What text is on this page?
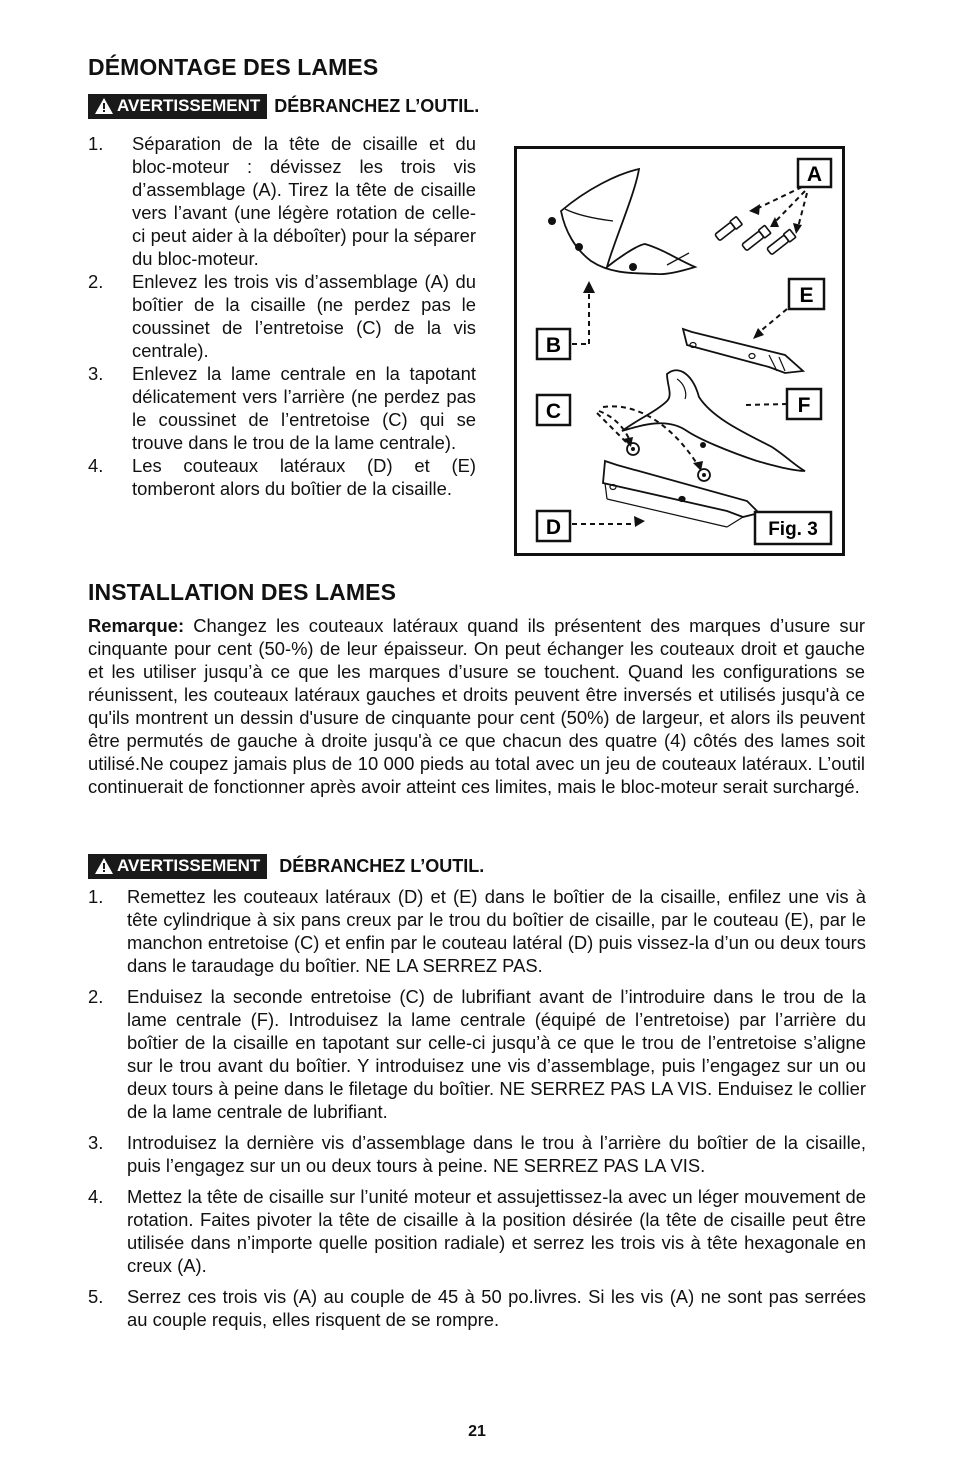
DÉMONTAGE DES LAMES
AVERTISSEMENT DÉBRANCHEZ L’OUTIL.
1. Séparation de la tête de cisaille et du bloc-moteur : dévissez les trois vis d’assemblage (A). Tirez la tête de cisaille vers l’avant (une légère rotation de celle-ci peut aider à la déboîter) pour la séparer du bloc-moteur.
2. Enlevez les trois vis d’assemblage (A) du boîtier de la cisaille (ne perdez pas le coussinet de l’entretoise (C) de la vis centrale).
3. Enlevez la lame centrale en la tapotant délicatement vers l’arrière (ne perdez pas le coussinet de l’entretoise (C) qui se trouve dans le trou de la lame centrale).
4. Les couteaux latéraux (D) et (E) tomberont alors du boîtier de la cisaille.
A
E
B
F
C
D	Fig. 3
INSTALLATION DES LAMES

Remarque: Changez les couteaux latéraux quand ils présentent des marques d’usure sur cinquante pour cent (50-%) de leur épaisseur. On peut échanger les couteaux droit et gauche et les utiliser jusqu’à ce que les marques d’usure se touchent. Quand les configurations se réunissent, les couteaux latéraux gauches et droits peuvent être inversés et utilisés jusqu'à ce qu'ils montrent un dessin d'usure de cinquante pour cent (50%) de largeur, et alors ils peuvent être permutés de gauche à droite jusqu'à ce que chacun des quatre (4) côtés des lames soit utilisé.Ne coupez jamais plus de 10 000 pieds au total avec un jeu de couteaux latéraux. L’outil continuerait de fonctionner après avoir atteint ces limites, mais le bloc-moteur serait surchargé.

AVERTISSEMENT DÉBRANCHEZ L’OUTIL.
1. Remettez les couteaux latéraux (D) et (E) dans le boîtier de la cisaille, enfilez une vis à tête cylindrique à six pans creux par le trou du boîtier de cisaille, par le couteau (E), par le manchon entretoise (C) et enfin par le couteau latéral (D) puis vissez-la d’un ou deux tours dans le taraudage du boîtier. NE LA SERREZ PAS.
2. Enduisez la seconde entretoise (C) de lubrifiant avant de l’introduire dans le trou de la lame centrale (F). Introduisez la lame centrale (équipé de l’entretoise) par l’arrière du boîtier de la cisaille en tapotant sur celle-ci jusqu’à ce que le trou de l’entretoise s’aligne sur le trou avant du boîtier. Y introduisez une vis d’assemblage, puis l’engagez sur un ou deux tours à peine dans le filetage du boîtier. NE SERREZ PAS LA VIS. Enduisez le collier de la lame centrale de lubrifiant.
3. Introduisez la dernière vis d’assemblage dans le trou à l’arrière du boîtier de la cisaille, puis l’engagez sur un ou deux tours à peine. NE SERREZ PAS LA VIS.
4. Mettez la tête de cisaille sur l’unité moteur et assujettissez-la avec un léger mouvement de rotation. Faites pivoter la tête de cisaille à la position désirée (la tête de cisaille peut être utilisée dans n’importe quelle position radiale) et serrez les trois vis à tête hexagonale en creux (A).
5. Serrez ces trois vis (A) au couple de 45 à 50 po.livres. Si les vis (A) ne sont pas serrées au couple requis, elles risquent de se rompre.
21
